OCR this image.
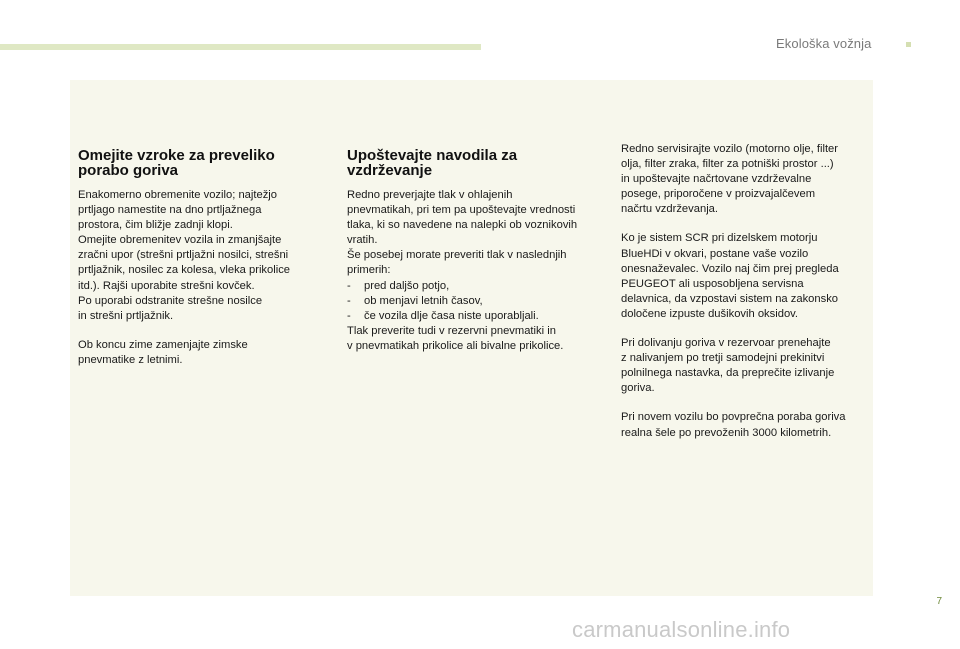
Ekološka vožnja
Omejite vzroke za preveliko porabo goriva

Enakomerno obremenite vozilo; najtežjo
prtljago namestite na dno prtljažnega
prostora, čim bližje zadnji klopi.
Omejite obremenitev vozila in zmanjšajte
zračni upor (strešni prtljažni nosilci, strešni
prtljažnik, nosilec za kolesa, vleka prikolice
itd.). Rajši uporabite strešni kovček.
Po uporabi odstranite strešne nosilce
in strešni prtljažnik.

Ob koncu zime zamenjajte zimske
pnevmatike z letnimi.

Upoštevajte navodila za vzdrževanje

Redno preverjajte tlak v ohlajenih
pnevmatikah, pri tem pa upoštevajte vrednosti
tlaka, ki so navedene na nalepki ob voznikovih
vratih.
Še posebej morate preveriti tlak v naslednjih
primerih:

- pred daljšo potjo,
- ob menjavi letnih časov,
- če vozila dlje časa niste uporabljali.
Tlak preverite tudi v rezervni pnevmatiki in
v pnevmatikah prikolice ali bivalne prikolice.

Redno servisirajte vozilo (motorno olje, filter
olja, filter zraka, filter za potniški prostor ...)
in upoštevajte načrtovane vzdrževalne
posege, priporočene v proizvajalčevem
načrtu vzdrževanja.

Ko je sistem SCR pri dizelskem motorju
BlueHDi v okvari, postane vaše vozilo
onesnaževalec. Vozilo naj čim prej pregleda
PEUGEOT ali usposobljena servisna
delavnica, da vzpostavi sistem na zakonsko
določene izpuste dušikovih oksidov.

Pri dolivanju goriva v rezervoar prenehajte
z nalivanjem po tretji samodejni prekinitvi
polnilnega nastavka, da preprečite izlivanje
goriva.

Pri novem vozilu bo povprečna poraba goriva
realna šele po prevoženih 3000 kilometrih.

7
carmanualsonline.info
